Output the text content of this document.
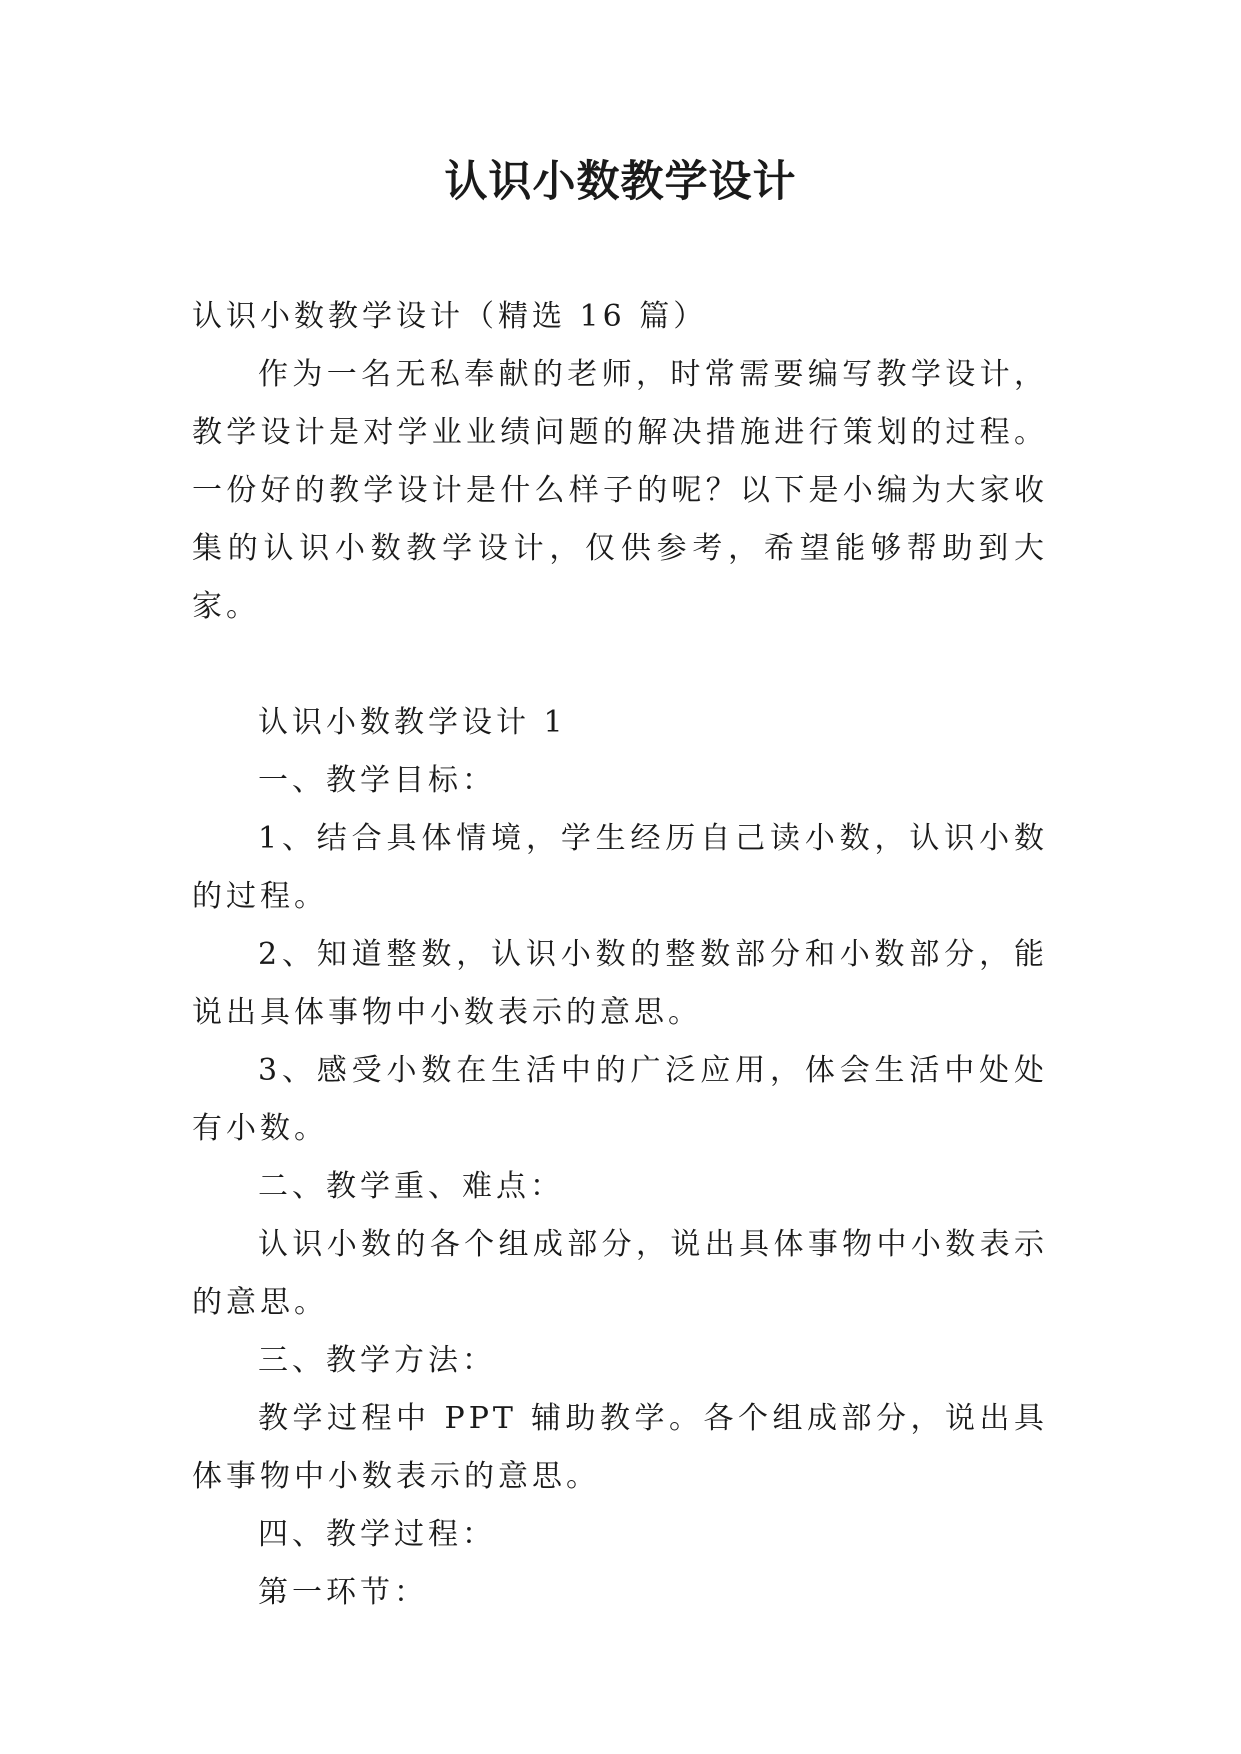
认识小数教学设计

认识小数教学设计（精选 16 篇）

作为一名无私奉献的老师，时常需要编写教学设计，教学设计是对学业业绩问题的解决措施进行策划的过程。一份好的教学设计是什么样子的呢？以下是小编为大家收集的认识小数教学设计，仅供参考，希望能够帮助到大家。

认识小数教学设计 1

一、教学目标：

1、结合具体情境，学生经历自己读小数，认识小数的过程。

2、知道整数，认识小数的整数部分和小数部分，能说出具体事物中小数表示的意思。

3、感受小数在生活中的广泛应用，体会生活中处处有小数。

二、教学重、难点：

认识小数的各个组成部分，说出具体事物中小数表示的意思。

三、教学方法：

教学过程中 PPT 辅助教学。各个组成部分，说出具体事物中小数表示的意思。

四、教学过程：

第一环节：
